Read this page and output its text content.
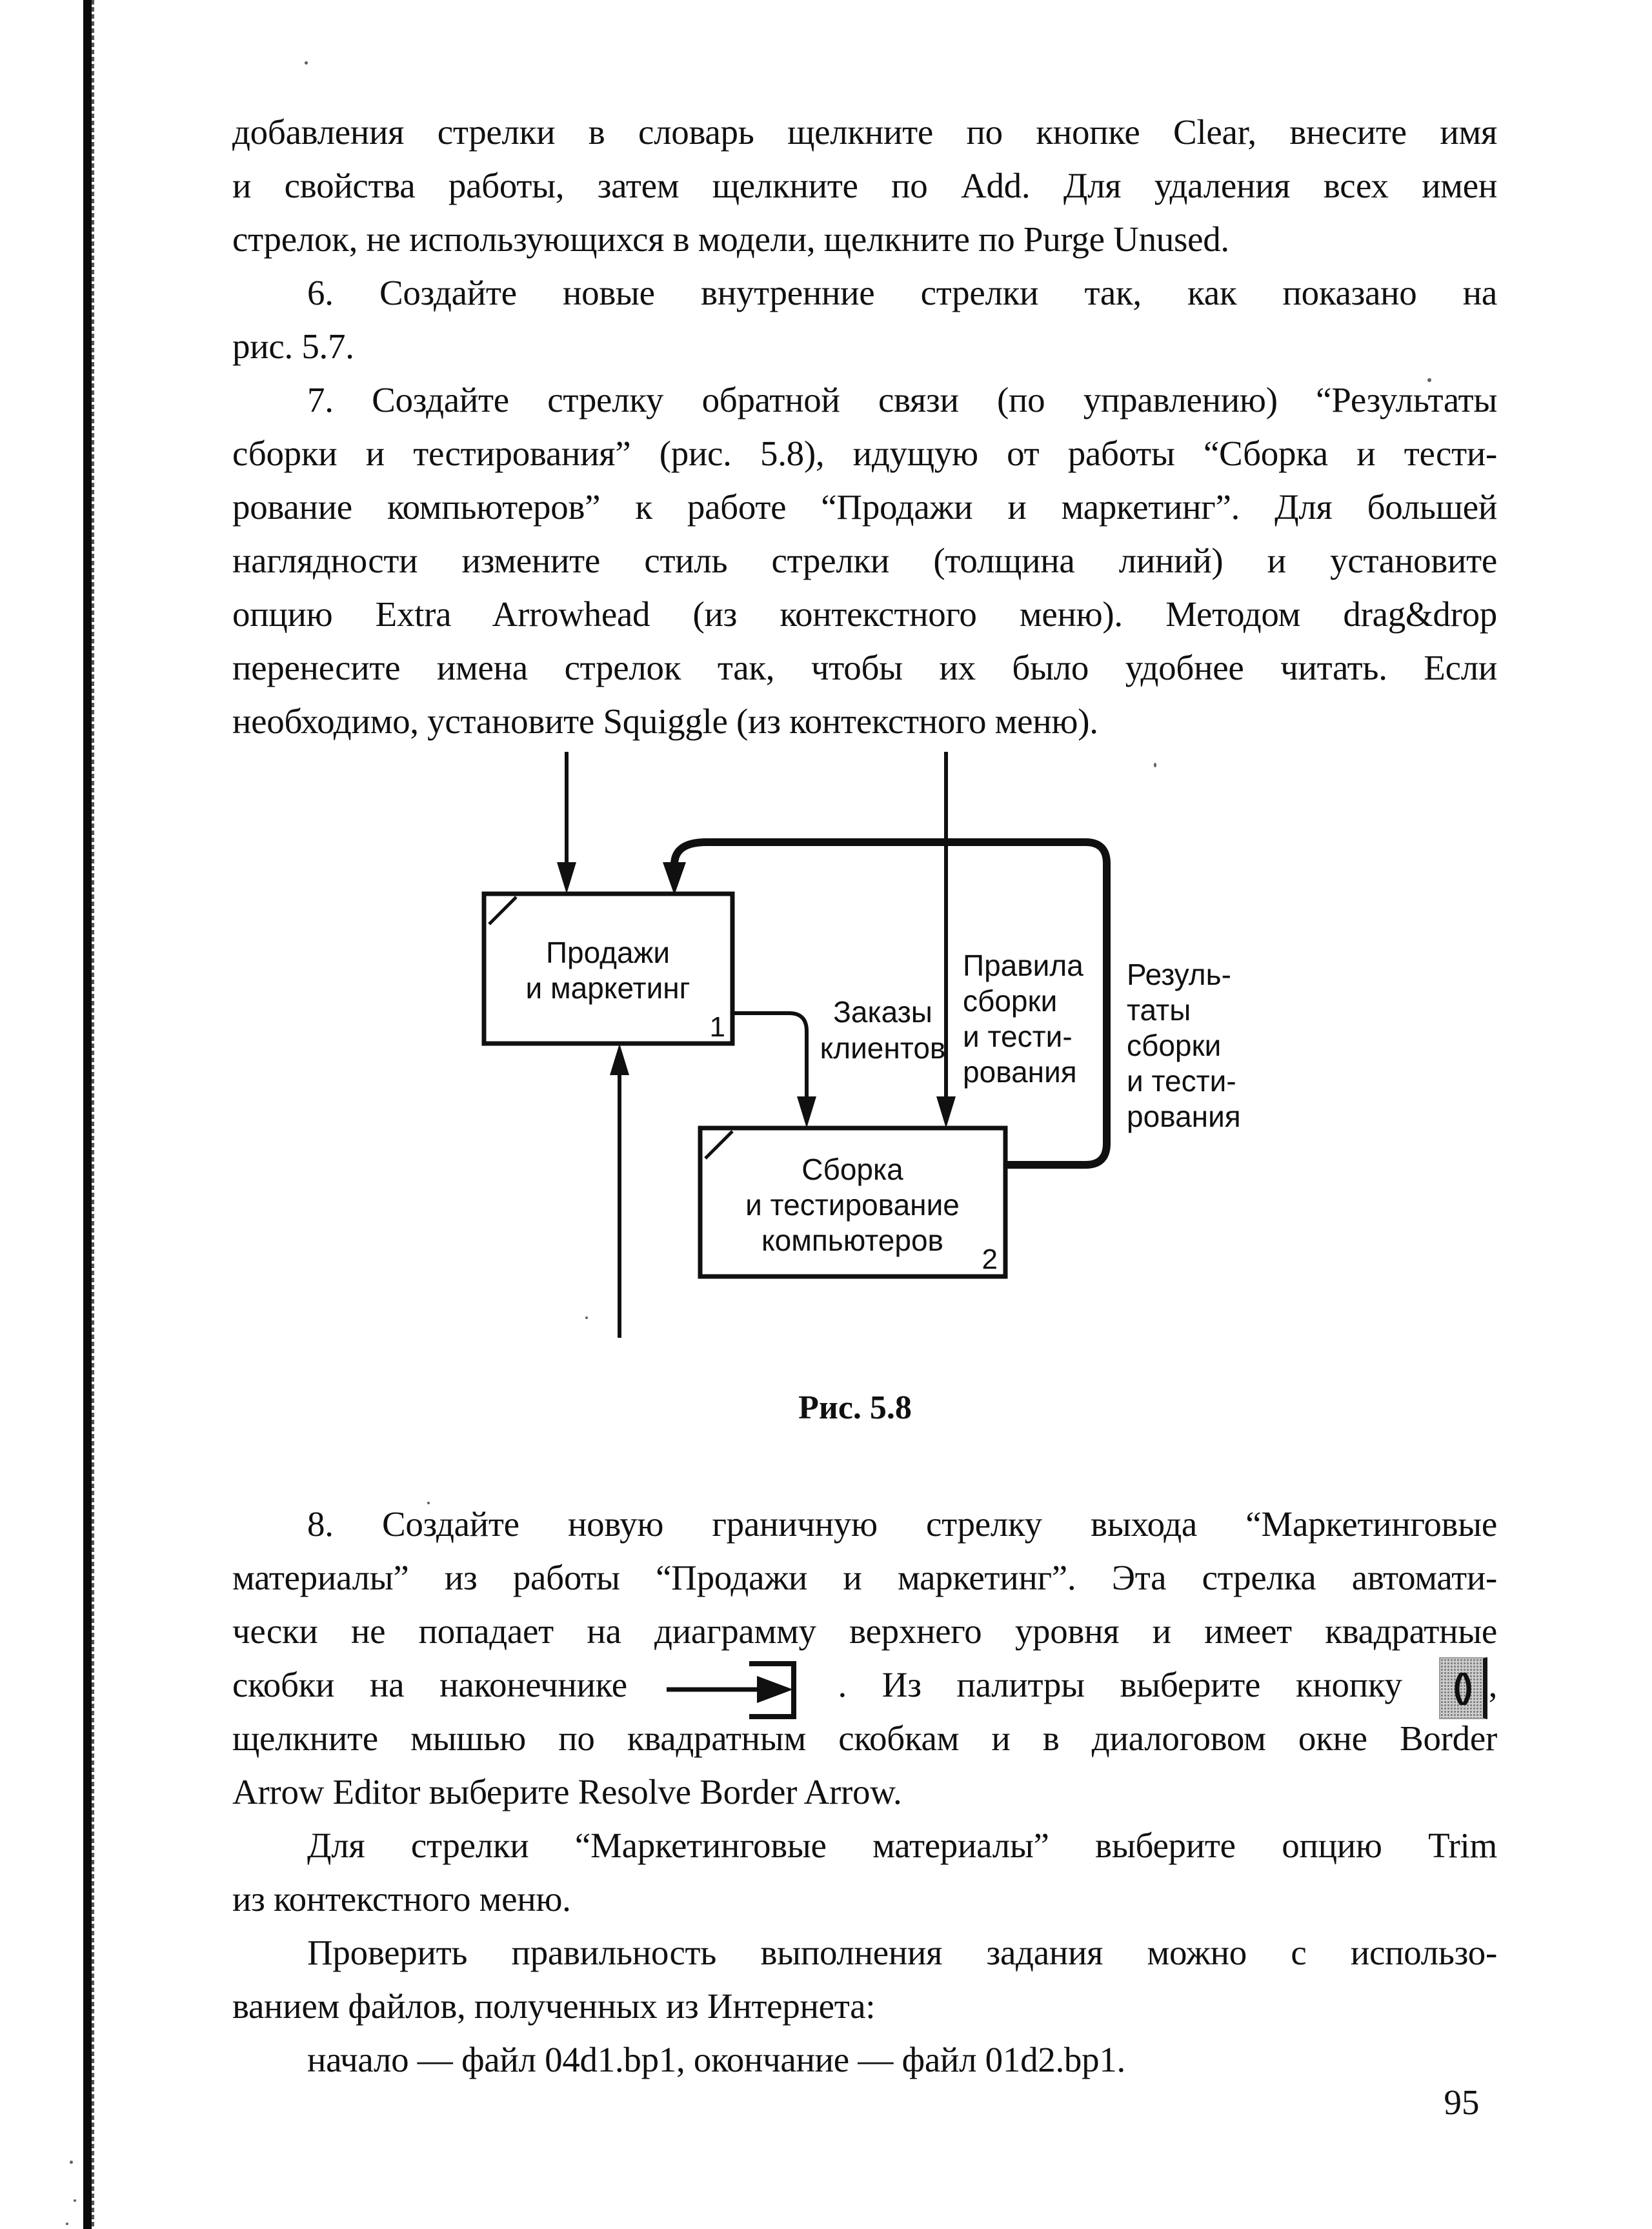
добавления стрелки в словарь щелкните по кнопке Clear, внесите имя
и свойства работы, затем щелкните по Add. Для удаления всех имен
стрелок, не использующихся в модели, щелкните по Purge Unused.
6. Создайте новые внутренние стрелки так, как показано на
рис. 5.7.
7. Создайте стрелку обратной связи (по управлению) “Результаты
сборки и тестирования” (рис. 5.8), идущую от работы “Сборка и тести-
рование компьютеров” к работе “Продажи и маркетинг”. Для большей
наглядности измените стиль стрелки (толщина линий) и установите
опцию Extra Arrowhead (из контекстного меню). Методом drag&drop
перенесите имена стрелок так, чтобы их было удобнее читать. Если
необходимо, установите Squiggle (из контекстного меню).
Продажи
и маркетинг
Сборка
и тестирование
компьютеров
Заказы
клиентов
1
2
Правила
сборки
и тести-
рования
Резуль-
таты
сборки
и тести-
рования
Рис. 5.8
8. Создайте новую граничную стрелку выхода “Маркетинговые
материалы” из работы “Продажи и маркетинг”. Эта стрелка автомати-
чески не попадает на диаграмму верхнего уровня и имеет квадратные
скобки на наконечнике	. Из палитры выберите кнопку () ,
щелкните мышью по квадратным скобкам и в диалоговом окне Border
Arrow Editor выберите Resolve Border Arrow.
Для стрелки “Маркетинговые материалы” выберите опцию Trim
из контекстного меню.
Проверить правильность выполнения задания можно с использо-
ванием файлов, полученных из Интернета:
начало — файл 04d1.bp1, окончание — файл 01d2.bp1.
95
